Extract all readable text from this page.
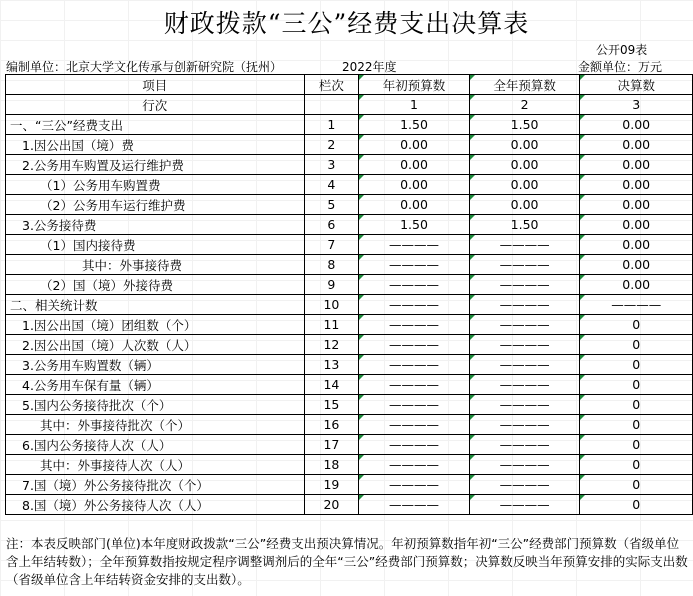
财政拨款“三公”经费支出决算表
公开09表
编制单位：北京大学文化传承与创新研究院（抚州）	2022年度	金额单位：万元
项目	栏次	年初预算数	全年预算数	决算数
行次		1	2	3
一、“三公”经费支出	1	1.50	1.50	0.00
1.因公出国（境）费	2	0.00	0.00	0.00
2.公务用车购置及运行维护费	3	0.00	0.00	0.00
（1）公务用车购置费	4	0.00	0.00	0.00
（2）公务用车运行维护费	5	0.00	0.00	0.00
3.公务接待费	6	1.50	1.50	0.00
（1）国内接待费	7	————	————	0.00
其中：外事接待费	8	————	————	0.00
（2）国（境）外接待费	9	————	————	0.00
二、相关统计数	10	————	————	————
1.因公出国（境）团组数（个）	11	————	————	0
2.因公出国（境）人次数（人）	12	————	————	0
3.公务用车购置数（辆）	13	————	————	0
4.公务用车保有量（辆）	14	————	————	0
5.国内公务接待批次（个）	15	————	————	0
其中：外事接待批次（个）	16	————	————	0
6.国内公务接待人次（人）	17	————	————	0
其中：外事接待人次（人）	18	————	————	0
7.国（境）外公务接待批次（个）	19	————	————	0
8.国（境）外公务接待人次（人）	20	————	————	0
注：本表反映部门(单位)本年度财政拨款“三公”经费支出预决算情况。年初预算数指年初“三公”经费部门预算数（省级单位含上年结转数）；全年预算数指按规定程序调整调剂后的全年“三公”经费部门预算数；决算数反映当年预算安排的实际支出数（省级单位含上年结转资金安排的支出数）。
